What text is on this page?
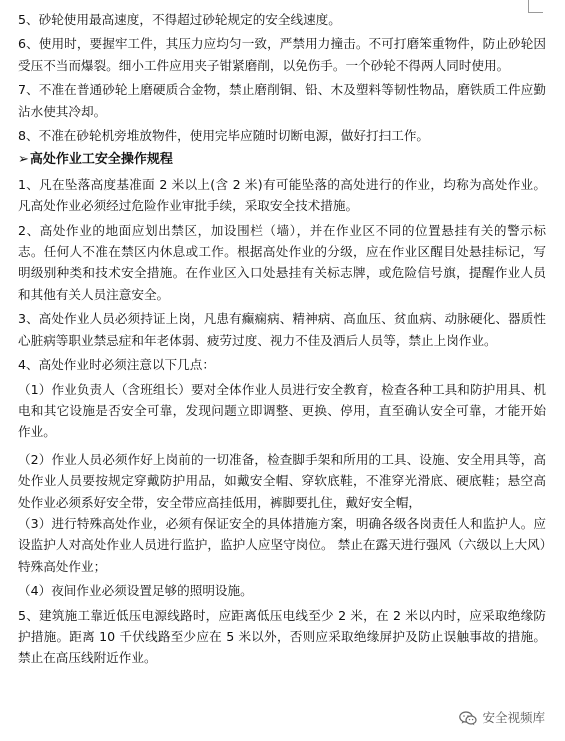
5、砂轮使用最高速度，不得超过砂轮规定的安全线速度。

6、使用时，要握牢工件，其压力应均匀一致，严禁用力撞击。不可打磨笨重物件，防止砂轮因受压不当而爆裂。细小工件应用夹子钳紧磨削，以免伤手。一个砂轮不得两人同时使用。

7、不准在普通砂轮上磨硬质合金物，禁止磨削铜、铅、木及塑料等韧性物品，磨铁质工件应勤沾水使其冷却。

8、不准在砂轮机旁堆放物件，使用完毕应随时切断电源，做好打扫工作。

➢高处作业工安全操作规程

1、凡在坠落高度基准面 2 米以上(含 2 米)有可能坠落的高处进行的作业，均称为高处作业。凡高处作业必须经过危险作业审批手续，采取安全技术措施。

2、高处作业的地面应划出禁区，加设围栏（墙），并在作业区不同的位置悬挂有关的警示标志。任何人不准在禁区内休息或工作。根据高处作业的分级，应在作业区醒目处悬挂标记，写明级别种类和技术安全措施。在作业区入口处悬挂有关标志牌，或危险信号旗，提醒作业人员和其他有关人员注意安全。

3、高处作业人员必须持证上岗，凡患有癫痫病、精神病、高血压、贫血病、动脉硬化、器质性心脏病等职业禁忌症和年老体弱、疲劳过度、视力不佳及酒后人员等，禁止上岗作业。

4、高处作业时必须注意以下几点：

（1）作业负责人（含班组长）要对全体作业人员进行安全教育，检查各种工具和防护用具、机电和其它设施是否安全可靠，发现问题立即调整、更换、停用，直至确认安全可靠，才能开始作业。

（2）作业人员必须作好上岗前的一切准备，检查脚手架和所用的工具、设施、安全用具等，高处作业人员要按规定穿戴防护用品，如戴安全帽、穿软底鞋，不准穿光滑底、硬底鞋；悬空高处作业必须系好安全带，安全带应高挂低用，裤脚要扎住，戴好安全帽，

（3）进行特殊高处作业，必须有保证安全的具体措施方案，明确各级各岗责任人和监护人。应设监护人对高处作业人员进行监护，监护人应坚守岗位。 禁止在露天进行强风（六级以上大风）特殊高处作业；

（4）夜间作业必须设置足够的照明设施。

5、建筑施工靠近低压电源线路时，应距离低压电线至少 2 米，在 2 米以内时，应采取绝缘防护措施。距离 10 千伏线路至少应在 5 米以外，否则应采取绝缘屏护及防止误触事故的措施。禁止在高压线附近作业。

安全视频库
